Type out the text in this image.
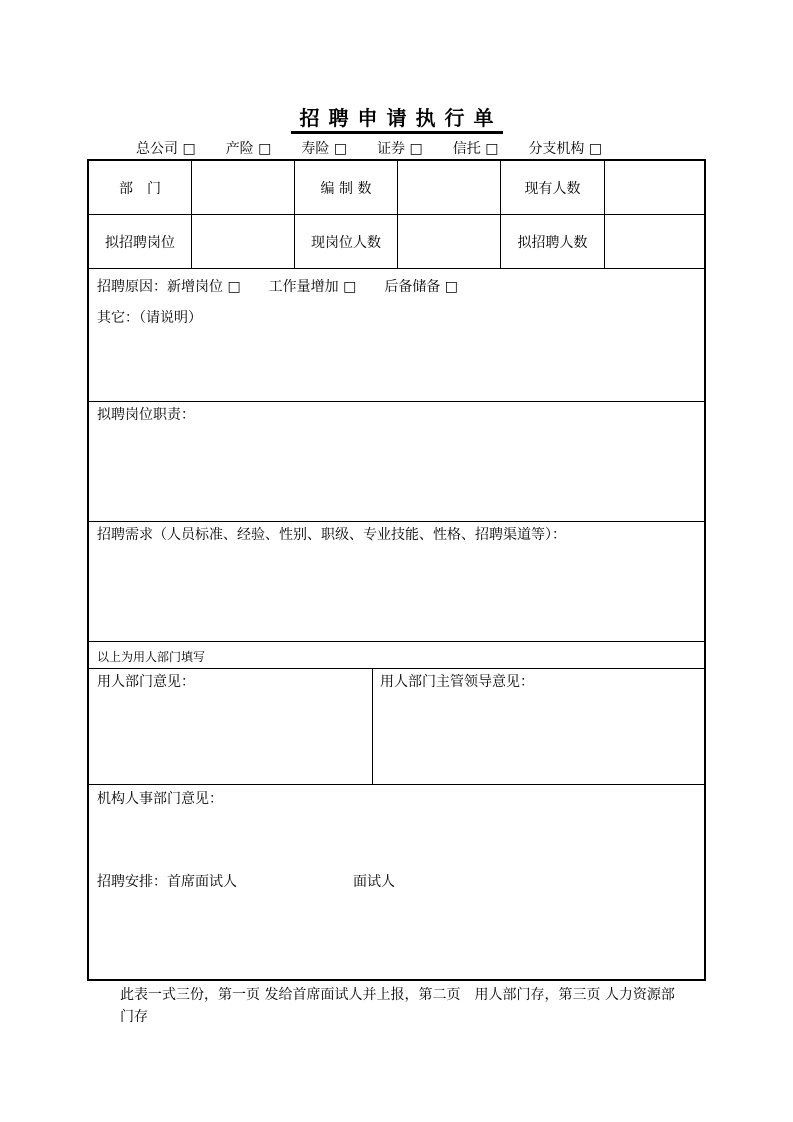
招聘申请执行单
总公司 □ 产险 □ 寿险 □ 证券 □ 信托 □ 分支机构 □
部　门	编 制 数	现有人数
拟招聘岗位	现岗位人数	拟招聘人数
招聘原因：新增岗位 □　　工作量增加 □　　后备储备 □
其它：（请说明）
拟聘岗位职责：
招聘需求（人员标准、经验、性别、职级、专业技能、性格、招聘渠道等）：
以上为用人部门填写
用人部门意见：	用人部门主管领导意见：
机构人事部门意见：
招聘安排：首席面试人	面试人
此表一式三份，第一页 发给首席面试人并上报，第二页　用人部门存，第三页 人力资源部门存
